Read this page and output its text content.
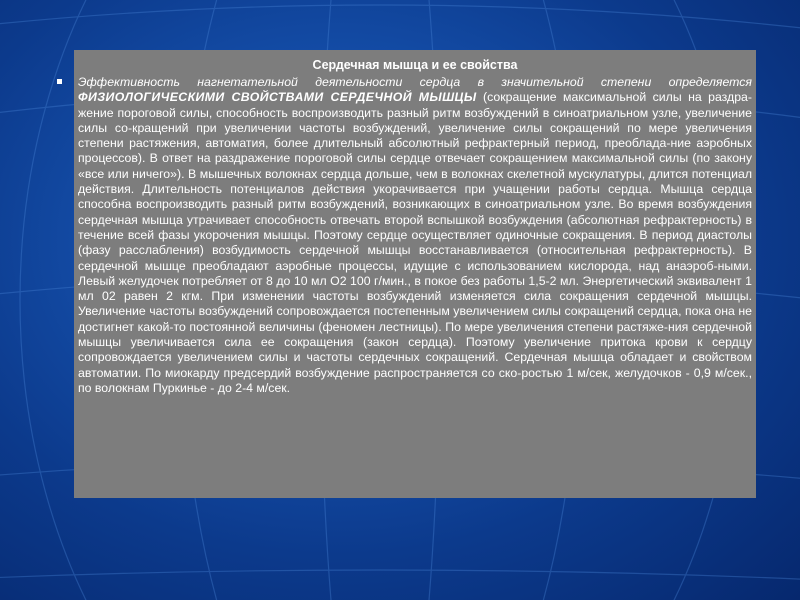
Сердечная мышца и ее свойства

Эффективность нагнетательной деятельности сердца в значительной степени определяется ФИЗИОЛОГИЧЕСКИМИ СВОЙСТВАМИ СЕРДЕЧНОЙ МЫШЦЫ (сокращение максимальной силы на раздра-жение пороговой силы, способность воспроизводить разный ритм возбуждений в синоатриальном узле, увеличение силы со-кращений при увеличении частоты возбуждений, увеличение силы сокращений по мере увеличения степени растяжения, автоматия, более длительный абсолютный рефрактерный период, преоблада-ние аэробных процессов). В ответ на раздражение пороговой силы сердце отвечает сокращением максимальной силы (по закону «все или ничего»). В мышечных волокнах сердца дольше, чем в волокнах скелетной мускулатуры, длится потенциал действия. Длительность потенциалов действия укорачивается при учащении работы сердца. Мышца сердца способна воспроизводить разный ритм возбуждений, возникающих в синоатриальном узле. Во время возбуждения сердечная мышца утрачивает способность отвечать второй вспышкой возбуждения (абсолютная рефрактерность) в течение всей фазы укорочения мышцы. Поэтому сердце осуществляет одиночные сокращения. В период диастолы (фазу расслабления) возбудимость сердечной мышцы восстанавливается (относительная рефрактерность). В сердечной мышце преобладают аэробные процессы, идущие с использованием кислорода, над анаэроб-ными. Левый желудочек потребляет от 8 до 10 мл О2 100 г/мин., в покое без работы 1,5-2 мл. Энергетический эквивалент 1 мл 02 равен 2 кгм. При изменении частоты возбуждений изменяется сила сокращения сердечной мышцы. Увеличение частоты возбуждений сопровождается постепенным увеличением силы сокращений сердца, пока она не достигнет какой-то постоянной величины (феномен лестницы). По мере увеличения степени растяже-ния сердечной мышцы увеличивается сила ее сокращения (закон сердца). Поэтому увеличение притока крови к сердцу сопровождается увеличением силы и частоты сердечных сокращений. Сердечная мышца обладает и свойством автоматии. По миокарду предсердий возбуждение распространяется со ско-ростью 1 м/сек, желудочков - 0,9 м/сек., по волокнам Пуркинье - до 2-4 м/сек.
